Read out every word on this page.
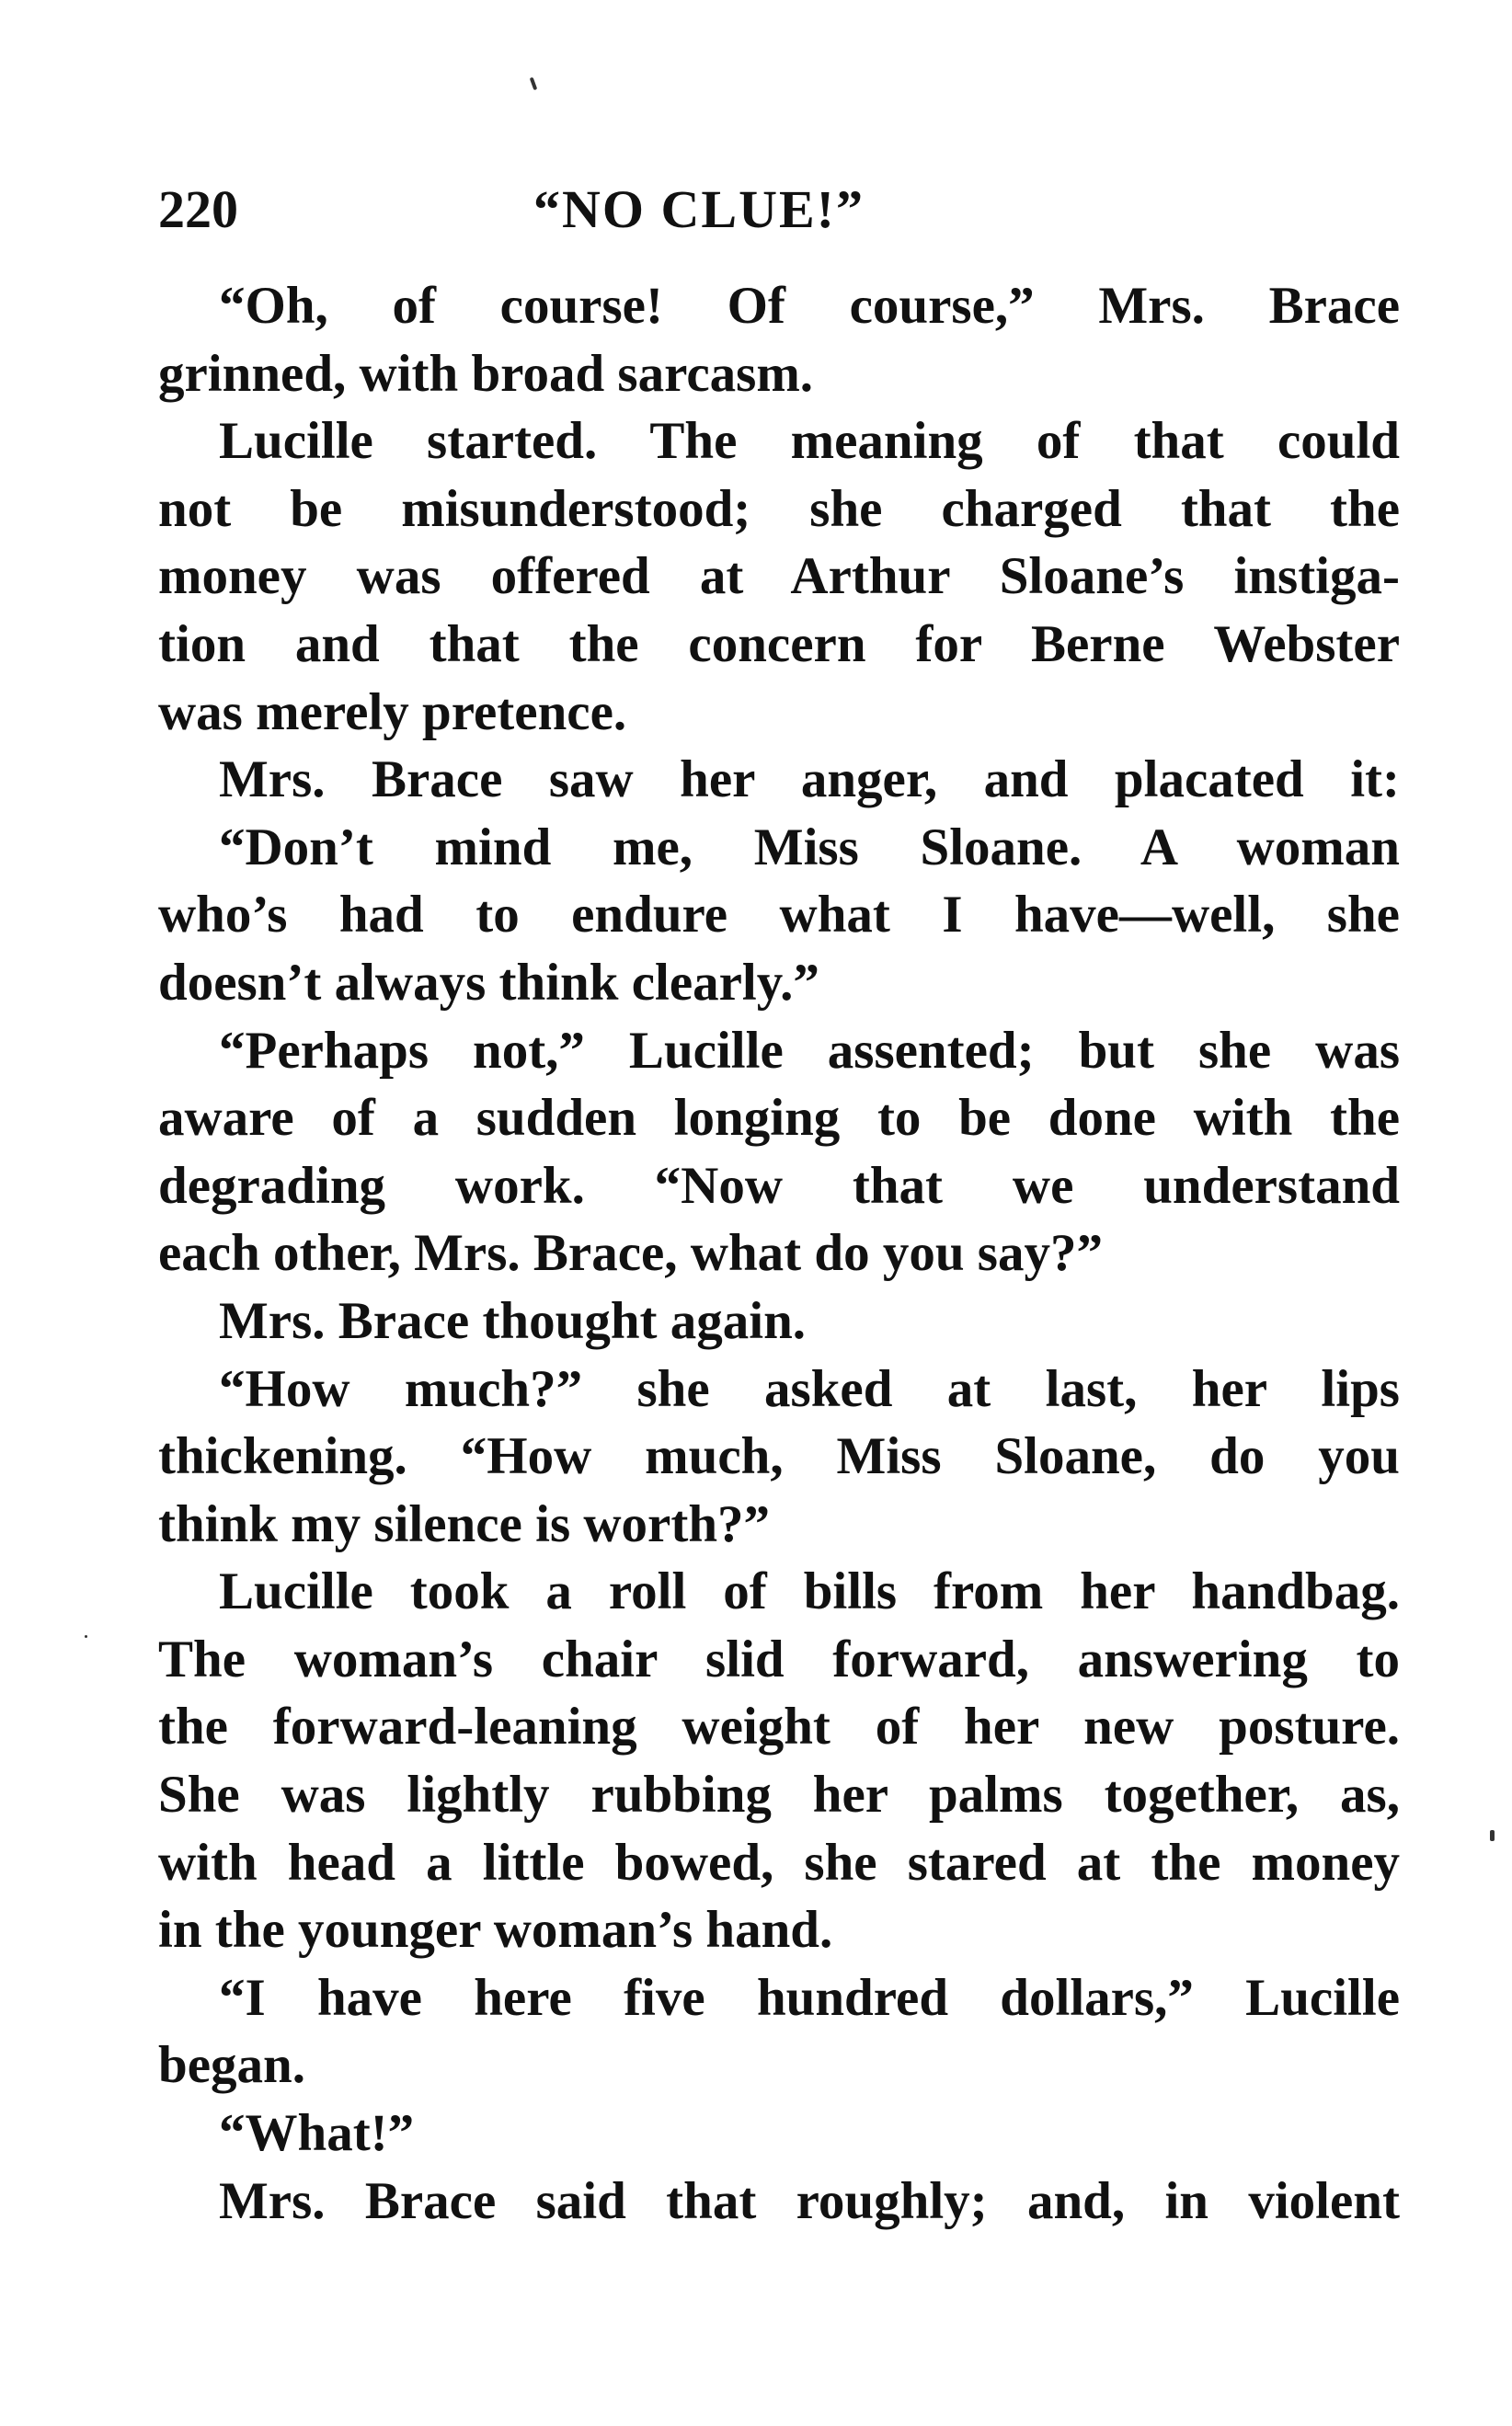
220	“NO CLUE!”
“Oh, of course! Of course,” Mrs. Brace
grinned, with broad sarcasm.
Lucille started. The meaning of that could
not be misunderstood; she charged that the
money was offered at Arthur Sloane’s instiga-
tion and that the concern for Berne Webster
was merely pretence.
Mrs. Brace saw her anger, and placated it:
“Don’t mind me, Miss Sloane. A woman
who’s had to endure what I have—well, she
doesn’t always think clearly.”
“Perhaps not,” Lucille assented; but she was
aware of a sudden longing to be done with the
degrading work. “Now that we understand
each other, Mrs. Brace, what do you say?”
Mrs. Brace thought again.
“How much?” she asked at last, her lips
thickening. “How much, Miss Sloane, do you
think my silence is worth?”
Lucille took a roll of bills from her handbag.
The woman’s chair slid forward, answering to
the forward-leaning weight of her new posture.
She was lightly rubbing her palms together, as,
with head a little bowed, she stared at the money
in the younger woman’s hand.
“I have here five hundred dollars,” Lucille
began.
“What!”
Mrs. Brace said that roughly; and, in violent
